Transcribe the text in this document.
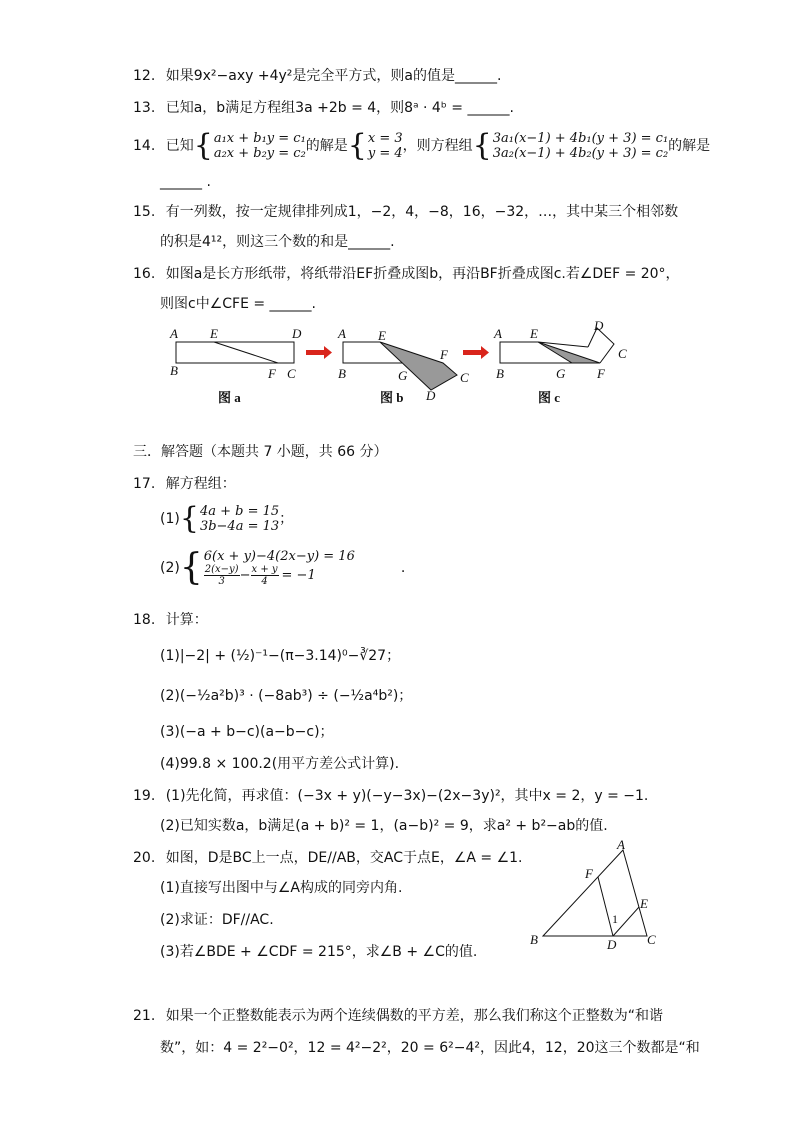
12. 如果9x²−axy +4y²是完全平方式，则a的值是______.
13. 已知a，b满足方程组3a +2b = 4，则8ᵃ · 4ᵇ = ______.
14. 已知 { a₁x + b₁y = c₁
a₂x + b₂y = c₂ 的解是 { x = 3
y = 4 ，则方程组 { 3a₁(x−1) + 4b₁(y + 3) = c₁
3a₂(x−1) + 4b₂(y + 3) = c₂ 的解是
______ .
15. 有一列数，按一定规律排列成1，−2，4，−8，16，−32，…，其中某三个相邻数
的积是4¹²，则这三个数的和是______.
16. 如图a是长方形纸带，将纸带沿EF折叠成图b，再沿BF折叠成图c.若∠DEF = 20°，
则图c中∠CFE = ______.
A E	D
B	F C
图 a
A E
F
C
B	G
D
图 b
A E
D
C
B	G F
图 c
三．解答题（本题共 7 小题，共 66 分）
17. 解方程组：
(1) { 4a + b = 15
3b−4a = 13 ；
(2) { 6(x + y)−4(2x−y) = 16
$\frac{2(x-y)}{3} - \frac{x + y}{4} = -1$	.
18. 计算：
(1)|−2| + (½)⁻¹−(π−3.14)⁰−∛27；
(2)(−½a²b)³ · (−8ab³) ÷ (−½a⁴b²)；
(3)(−a + b−c)(a−b−c)；
(4)99.8 × 100.2(用平方差公式计算).
19. (1)先化简，再求值：(−3x + y)(−y−3x)−(2x−3y)²，其中x = 2，y = −1.
(2)已知实数a，b满足(a + b)² = 1，(a−b)² = 9，求a² + b²−ab的值.
20. 如图，D是BC上一点，DE//AB，交AC于点E，∠A = ∠1.
(1)直接写出图中与∠A构成的同旁内角.
(2)求证：DF//AC.
(3)若∠BDE + ∠CDF = 215°，求∠B + ∠C的值.
A
F
E
1
B	D C
21. 如果一个正整数能表示为两个连续偶数的平方差，那么我们称这个正整数为“和谐
数”，如：4 = 2²−0²，12 = 4²−2²，20 = 6²−4²，因此4，12，20这三个数都是“和
